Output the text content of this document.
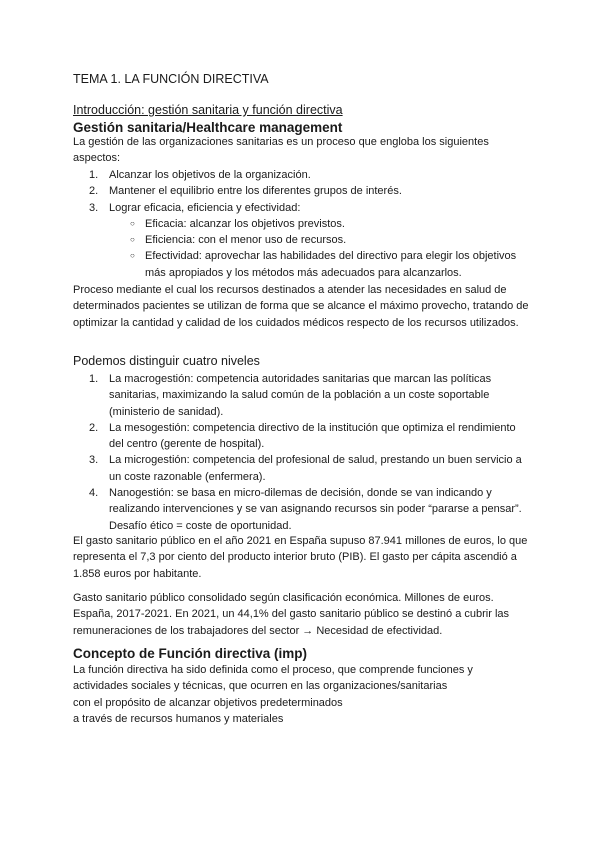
TEMA 1. LA FUNCIÓN DIRECTIVA
Introducción: gestión sanitaria y función directiva
Gestión sanitaria/Healthcare management

La gestión de las organizaciones sanitarias es un proceso que engloba los siguientes aspectos:

1. Alcanzar los objetivos de la organización.
2. Mantener el equilibrio entre los diferentes grupos de interés.
3. Lograr eficacia, eficiencia y efectividad:
○ Eficacia: alcanzar los objetivos previstos.
○ Eficiencia: con el menor uso de recursos.
○ Efectividad: aprovechar las habilidades del directivo para elegir los objetivos más apropiados y los métodos más adecuados para alcanzarlos.

Proceso mediante el cual los recursos destinados a atender las necesidades en salud de determinados pacientes se utilizan de forma que se alcance el máximo provecho, tratando de optimizar la cantidad y calidad de los cuidados médicos respecto de los recursos utilizados.

Podemos distinguir cuatro niveles
1. La macrogestión: competencia autoridades sanitarias que marcan las políticas sanitarias, maximizando la salud común de la población a un coste soportable (ministerio de sanidad).
2. La mesogestión: competencia directivo de la institución que optimiza el rendimiento del centro (gerente de hospital).
3. La microgestión: competencia del profesional de salud, prestando un buen servicio a un coste razonable (enfermera).
4. Nanogestión: se basa en micro-dilemas de decisión, donde se van indicando y realizando intervenciones y se van asignando recursos sin poder “pararse a pensar”. Desafío ético = coste de oportunidad.

El gasto sanitario público en el año 2021 en España supuso 87.941 millones de euros, lo que representa el 7,3 por ciento del producto interior bruto (PIB). El gasto per cápita ascendió a 1.858 euros por habitante.

Gasto sanitario público consolidado según clasificación económica. Millones de euros. España, 2017-2021. En 2021, un 44,1% del gasto sanitario público se destinó a cubrir las remuneraciones de los trabajadores del sector → Necesidad de efectividad.

Concepto de Función directiva (imp)
La función directiva ha sido definida como el proceso, que comprende funciones y
actividades sociales y técnicas, que ocurren en las organizaciones/sanitarias
con el propósito de alcanzar objetivos predeterminados
a través de recursos humanos y materiales
